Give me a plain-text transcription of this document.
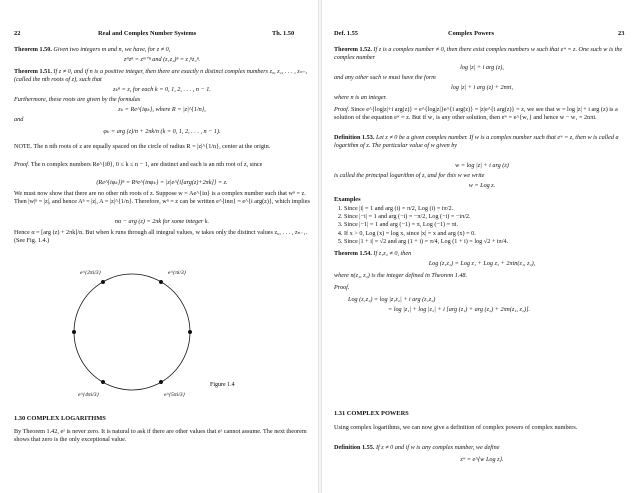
22	Real and Complex Number Systems	Th. 1.50

Theorem 1.50. Given two integers m and n, we have, for z ≠ 0,

zᵐzⁿ = zᵐ⁺ⁿ and (z₁z₂)ⁿ = z₁ⁿz₂ⁿ.

Theorem 1.51. If z ≠ 0, and if n is a positive integer, then there are exactly n distinct complex numbers z₀, z₁, . . . , zₙ₋₁ (called the nth roots of z), such that

zₖⁿ = z, for each k = 0, 1, 2, . . . , n − 1.

Furthermore, these roots are given by the formulas

zₖ = Re^{iφₖ}, where R = |z|^{1/n},

and

φₖ = arg (z)/n + 2πk/n (k = 0, 1, 2, . . . , n − 1).

NOTE. The n nth roots of z are equally spaced on the circle of radius R = |z|^{1/n}, center at the origin.

Proof. The n complex numbers Re^{iθ}, 0 ≤ k ≤ n − 1, are distinct and each is an nth root of z, since

(Re^{iφₖ})ⁿ = Rⁿe^{inφₖ} = |z|e^{i[arg(z)+2πk]} = z.

We must now show that there are no other nth roots of z. Suppose w = Ae^{iα} is a complex number such that wⁿ = z. Then |w|ⁿ = |z|, and hence Aⁿ = |z|, A = |z|^{1/n}. Therefore, wⁿ = z can be written e^{inα} = e^{i arg(z)}, which implies

nα − arg (z) = 2πk for some integer k.

Hence α = [arg (z) + 2πk]/n. But when k runs through all integral values, w takes only the distinct values z₀, . . . , zₙ₋₁. (See Fig. 1.4.)

e^{πi/3}
e^{2πi/3}
e^{4πi/3}	e^{5πi/3}
Figure 1.4

1.30 COMPLEX LOGARITHMS

By Theorem 1.42, eᶻ is never zero. It is natural to ask if there are other values that eᶻ cannot assume. The next theorem shows that zero is the only exceptional value.

Def. 1.55	Complex Powers	23

Theorem 1.52. If z is a complex number ≠ 0, then there exist complex numbers w such that eʷ = z. One such w is the complex number

log |z| + i arg (z),

and any other such w must have the form

log |z| + i arg (z) + 2nπi,

where n is an integer.

Proof. Since e^{log|z|+i arg(z)} = e^{log|z|}e^{i arg(z)} = |z|e^{i arg(z)} = z, we see that w = log |z| + i arg (z) is a solution of the equation eʷ = z. But if w₁ is any other solution, then eʷ = e^{w₁} and hence w − w₁ = 2nπi.

Definition 1.53. Let z ≠ 0 be a given complex number. If w is a complex number such that eʷ = z, then w is called a logarithm of z. The particular value of w given by

w = log |z| + i arg (z)

is called the principal logarithm of z, and for this w we write

w = Log z.

Examples

1. Since |i| = 1 and arg (i) = π/2, Log (i) = iπ/2.
2. Since |−i| = 1 and arg (−i) = −π/2, Log (−i) = −iπ/2.
3. Since |−1| = 1 and arg (−1) = π, Log (−1) = πi.
4. If x > 0, Log (x) = log x, since |x| = x and arg (x) = 0.
5. Since |1 + i| = √2 and arg (1 + i) = π/4, Log (1 + i) = log √2 + iπ/4.

Theorem 1.54. If z₁z₂ ≠ 0, then

Log (z₁z₂) = Log z₁ + Log z₂ + 2πin(z₁, z₂),

where n(z₁, z₂) is the integer defined in Theorem 1.48.

Proof.

Log (z₁z₂) = log |z₁z₂| + i arg (z₁z₂)

= log |z₁| + log |z₂| + i [arg (z₁) + arg (z₂) + 2πn(z₁, z₂)].

1.31 COMPLEX POWERS

Using complex logarithms, we can now give a definition of complex powers of complex numbers.

Definition 1.55. If z ≠ 0 and if w is any complex number, we define

zʷ = e^{w Log z}.
